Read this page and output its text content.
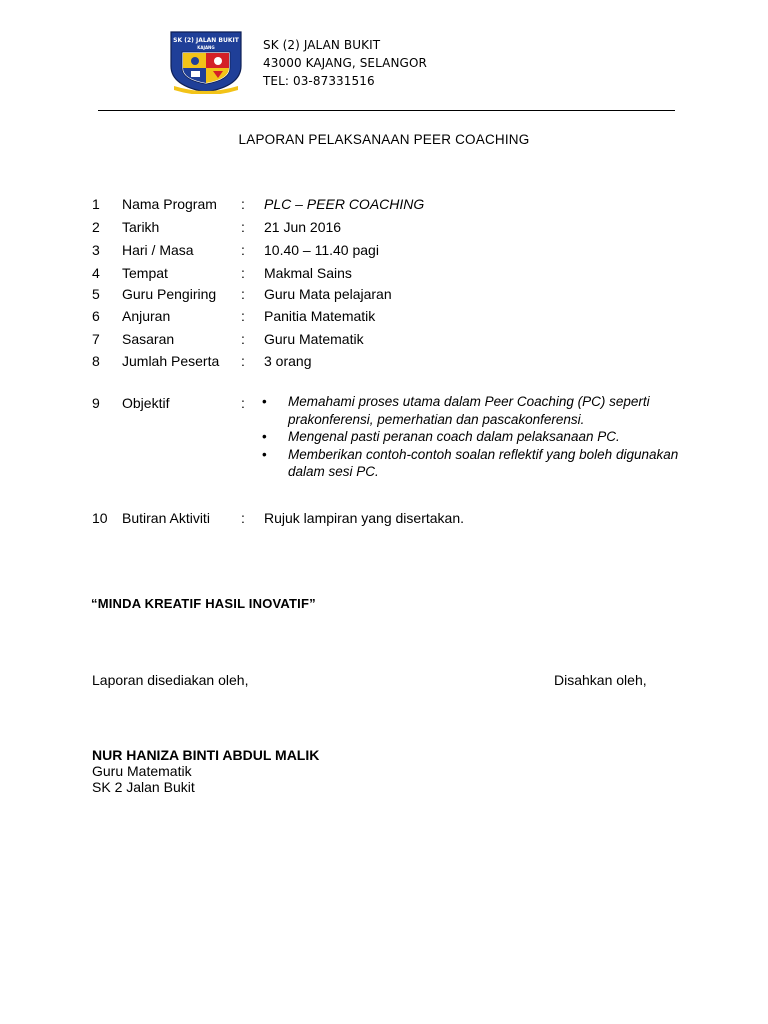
SK (2) JALAN BUKIT
KAJANG	SK (2) JALAN BUKIT
43000 KAJANG, SELANGOR
TEL: 03-87331516
LAPORAN PELAKSANAAN PEER COACHING
1 Nama Program : PLC – PEER COACHING
2 Tarikh	: 21 Jun 2016
3 Hari / Masa	: 10.40 – 11.40 pagi
4 Tempat	: Makmal Sains
5 Guru Pengiring : Guru Mata pelajaran
6 Anjuran	: Panitia Matematik
7 Sasaran	: Guru Matematik
8 Jumlah Peserta : 3 orang
9 Objektif	: • Memahami proses utama dalam Peer Coaching (PC) seperti prakonferensi, pemerhatian dan pascakonferensi.
• Mengenal pasti peranan coach dalam pelaksanaan PC.
• Memberikan contoh-contoh soalan reflektif yang boleh digunakan dalam sesi PC.
10 Butiran Aktiviti : Rujuk lampiran yang disertakan.
“MINDA KREATIF HASIL INOVATIF”
Laporan disediakan oleh,	Disahkan oleh,
NUR HANIZA BINTI ABDUL MALIK
Guru Matematik
SK 2 Jalan Bukit
